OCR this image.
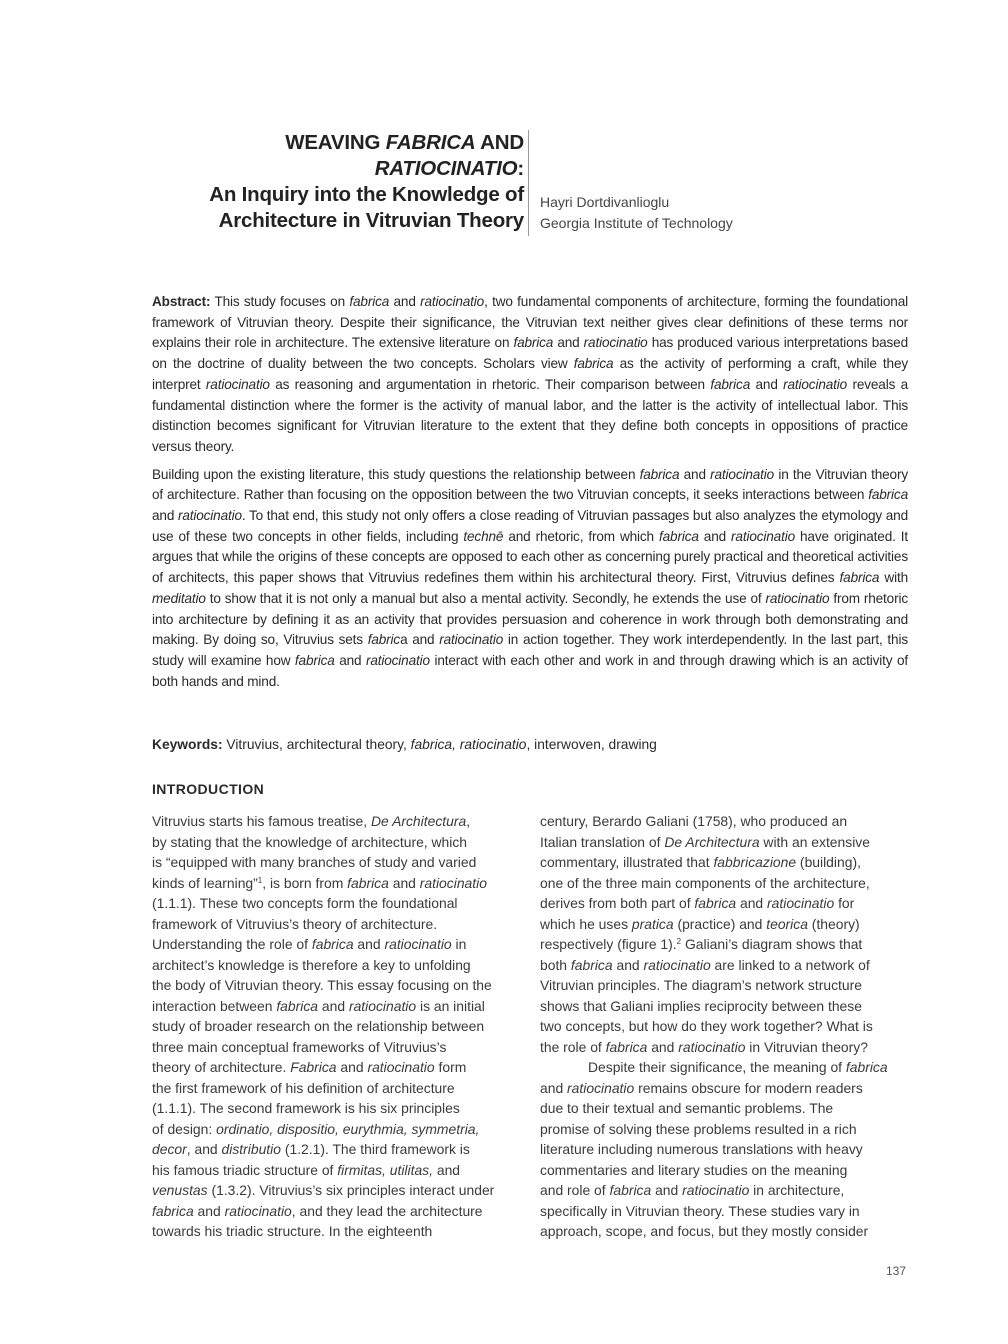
WEAVING FABRICA AND
RATIOCINATIO:
An Inquiry into the Knowledge of
Architecture in Vitruvian Theory
Hayri Dortdivanlioglu
Georgia Institute of Technology

Abstract: This study focuses on fabrica and ratiocinatio, two fundamental components of architecture, forming the foundational framework of Vitruvian theory. Despite their significance, the Vitruvian text neither gives clear definitions of these terms nor explains their role in architecture. The extensive literature on fabrica and ratiocinatio has produced various interpretations based on the doctrine of duality between the two concepts. Scholars view fabrica as the activity of performing a craft, while they interpret ratiocinatio as reasoning and argumentation in rhetoric. Their comparison between fabrica and ratiocinatio reveals a fundamental distinction where the former is the activity of manual labor, and the latter is the activity of intellectual labor. This distinction becomes significant for Vitruvian literature to the extent that they define both concepts in oppositions of practice versus theory.

Building upon the existing literature, this study questions the relationship between fabrica and ratiocinatio in the Vitruvian theory of architecture. Rather than focusing on the opposition between the two Vitruvian concepts, it seeks interactions between fabrica and ratiocinatio. To that end, this study not only offers a close reading of Vitruvian passages but also analyzes the etymology and use of these two concepts in other fields, including technē and rhetoric, from which fabrica and ratiocinatio have originated. It argues that while the origins of these concepts are opposed to each other as concerning purely practical and theoretical activities of architects, this paper shows that Vitruvius redefines them within his architectural theory. First, Vitruvius defines fabrica with meditatio to show that it is not only a manual but also a mental activity. Secondly, he extends the use of ratiocinatio from rhetoric into architecture by defining it as an activity that provides persuasion and coherence in work through both demonstrating and making. By doing so, Vitruvius sets fabrica and ratiocinatio in action together. They work interdependently. In the last part, this study will examine how fabrica and ratiocinatio interact with each other and work in and through drawing which is an activity of both hands and mind.

Keywords: Vitruvius, architectural theory, fabrica, ratiocinatio, interwoven, drawing
INTRODUCTION
Vitruvius starts his famous treatise, De Architectura,
by stating that the knowledge of architecture, which
is “equipped with many branches of study and varied
kinds of learning”$^1$, is born from fabrica and ratiocinatio
(1.1.1). These two concepts form the foundational
framework of Vitruvius’s theory of architecture.
Understanding the role of fabrica and ratiocinatio in
architect’s knowledge is therefore a key to unfolding
the body of Vitruvian theory. This essay focusing on the
interaction between fabrica and ratiocinatio is an initial
study of broader research on the relationship between
three main conceptual frameworks of Vitruvius’s
theory of architecture. Fabrica and ratiocinatio form
the first framework of his definition of architecture
(1.1.1). The second framework is his six principles
of design: ordinatio, dispositio, eurythmia, symmetria,
decor, and distributio (1.2.1). The third framework is
his famous triadic structure of firmitas, utilitas, and
venustas (1.3.2). Vitruvius’s six principles interact under
fabrica and ratiocinatio, and they lead the architecture
towards his triadic structure. In the eighteenth
century, Berardo Galiani (1758), who produced an
Italian translation of De Architectura with an extensive
commentary, illustrated that fabbricazione (building),
one of the three main components of the architecture,
derives from both part of fabrica and ratiocinatio for
which he uses pratica (practice) and teorica (theory)
respectively (figure 1).$^2$ Galiani’s diagram shows that
both fabrica and ratiocinatio are linked to a network of
Vitruvian principles. The diagram’s network structure
shows that Galiani implies reciprocity between these
two concepts, but how do they work together? What is
the role of fabrica and ratiocinatio in Vitruvian theory?
Despite their significance, the meaning of fabrica
and ratiocinatio remains obscure for modern readers
due to their textual and semantic problems. The
promise of solving these problems resulted in a rich
literature including numerous translations with heavy
commentaries and literary studies on the meaning
and role of fabrica and ratiocinatio in architecture,
specifically in Vitruvian theory. These studies vary in
approach, scope, and focus, but they mostly consider
137
